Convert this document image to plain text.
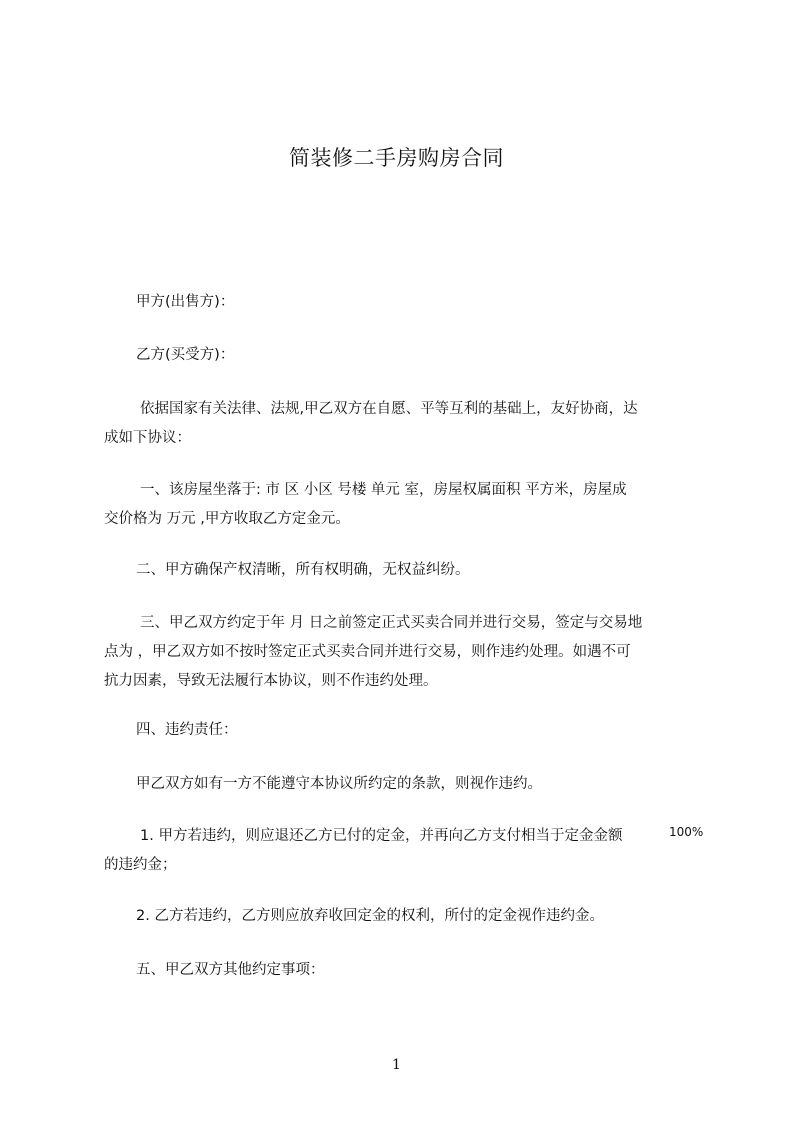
简装修二手房购房合同
甲方(出售方)：
乙方(买受方)：
依据国家有关法律、法规,甲乙双方在自愿、平等互利的基础上，友好协商，达
成如下协议：
一、该房屋坐落于: 市 区 小区 号楼 单元 室，房屋权属面积 平方米，房屋成
交价格为 万元 ,甲方收取乙方定金元。
二、甲方确保产权清晰，所有权明确，无权益纠纷。
三、甲乙双方约定于年 月 日之前签定正式买卖合同并进行交易，签定与交易地
点为 ，甲乙双方如不按时签定正式买卖合同并进行交易，则作违约处理。如遇不可
抗力因素，导致无法履行本协议，则不作违约处理。
四、违约责任：
甲乙双方如有一方不能遵守本协议所约定的条款，则视作违约。
1. 甲方若违约，则应退还乙方已付的定金，并再向乙方支付相当于定金金额
的违约金；
100%
2. 乙方若违约，乙方则应放弃收回定金的权利，所付的定金视作违约金。
五、甲乙双方其他约定事项：
1
